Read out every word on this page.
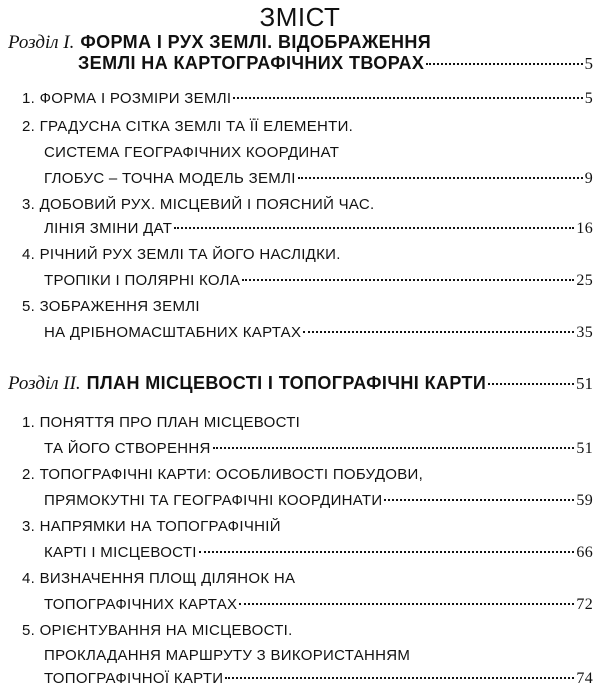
ЗМІСТ
Розділ І. ФОРМА І РУХ ЗЕМЛІ. ВІДОБРАЖЕННЯ
ЗЕМЛІ НА КАРТОГРАФІЧНИХ ТВОРАХ	5
1. ФОРМА І РОЗМІРИ ЗЕМЛІ	5
2. ГРАДУСНА СІТКА ЗЕМЛІ ТА ЇЇ ЕЛЕМЕНТИ.
СИСТЕМА ГЕОГРАФІЧНИХ КООРДИНАТ
ГЛОБУС – ТОЧНА МОДЕЛЬ ЗЕМЛІ	9
3. ДОБОВИЙ РУХ. МІСЦЕВИЙ І ПОЯСНИЙ ЧАС.
ЛІНІЯ ЗМІНИ ДАТ	16
4. РІЧНИЙ РУХ ЗЕМЛІ ТА ЙОГО НАСЛІДКИ.
ТРОПІКИ І ПОЛЯРНІ КОЛА	25
5. ЗОБРАЖЕННЯ ЗЕМЛІ
НА ДРІБНОМАСШТАБНИХ КАРТАХ	35
Розділ II. ПЛАН МІСЦЕВОСТІ І ТОПОГРАФІЧНІ КАРТИ	51
1. ПОНЯТТЯ ПРО ПЛАН МІСЦЕВОСТІ
ТА ЙОГО СТВОРЕННЯ	51
2. ТОПОГРАФІЧНІ КАРТИ: ОСОБЛИВОСТІ ПОБУДОВИ,
ПРЯМОКУТНІ ТА ГЕОГРАФІЧНІ КООРДИНАТИ	59
3. НАПРЯМКИ НА ТОПОГРАФІЧНІЙ
КАРТІ І МІСЦЕВОСТІ	66
4. ВИЗНАЧЕННЯ ПЛОЩ ДІЛЯНОК НА
ТОПОГРАФІЧНИХ КАРТАХ	72
5. ОРІЄНТУВАННЯ НА МІСЦЕВОСТІ.
ПРОКЛАДАННЯ МАРШРУТУ З ВИКОРИСТАННЯМ
ТОПОГРАФІЧНОЇ КАРТИ	74
